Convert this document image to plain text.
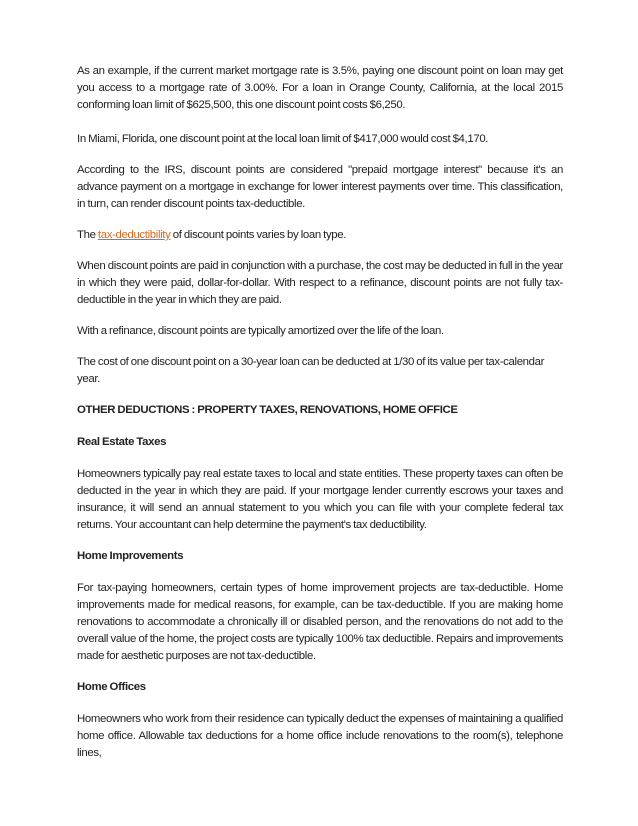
As an example, if the current market mortgage rate is 3.5%, paying one discount point on loan may get you access to a mortgage rate of 3.00%. For a loan in Orange County, California, at the local 2015 conforming loan limit of $625,500, this one discount point costs $6,250.

In Miami, Florida, one discount point at the local loan limit of $417,000 would cost $4,170.

According to the IRS, discount points are considered "prepaid mortgage interest" because it's an advance payment on a mortgage in exchange for lower interest payments over time. This classification, in turn, can render discount points tax-deductible.

The tax-deductibility of discount points varies by loan type.

When discount points are paid in conjunction with a purchase, the cost may be deducted in full in the year in which they were paid, dollar-for-dollar. With respect to a refinance, discount points are not fully tax-deductible in the year in which they are paid.

With a refinance, discount points are typically amortized over the life of the loan.

The cost of one discount point on a 30-year loan can be deducted at 1/30 of its value per tax-calendar year.

OTHER DEDUCTIONS : PROPERTY TAXES, RENOVATIONS, HOME OFFICE

Real Estate Taxes

Homeowners typically pay real estate taxes to local and state entities. These property taxes can often be deducted in the year in which they are paid. If your mortgage lender currently escrows your taxes and insurance, it will send an annual statement to you which you can file with your complete federal tax returns. Your accountant can help determine the payment's tax deductibility.

Home Improvements

For tax-paying homeowners, certain types of home improvement projects are tax-deductible. Home improvements made for medical reasons, for example, can be tax-deductible. If you are making home renovations to accommodate a chronically ill or disabled person, and the renovations do not add to the overall value of the home, the project costs are typically 100% tax deductible. Repairs and improvements made for aesthetic purposes are not tax-deductible.

Home Offices

Homeowners who work from their residence can typically deduct the expenses of maintaining a qualified home office. Allowable tax deductions for a home office include renovations to the room(s), telephone lines,
